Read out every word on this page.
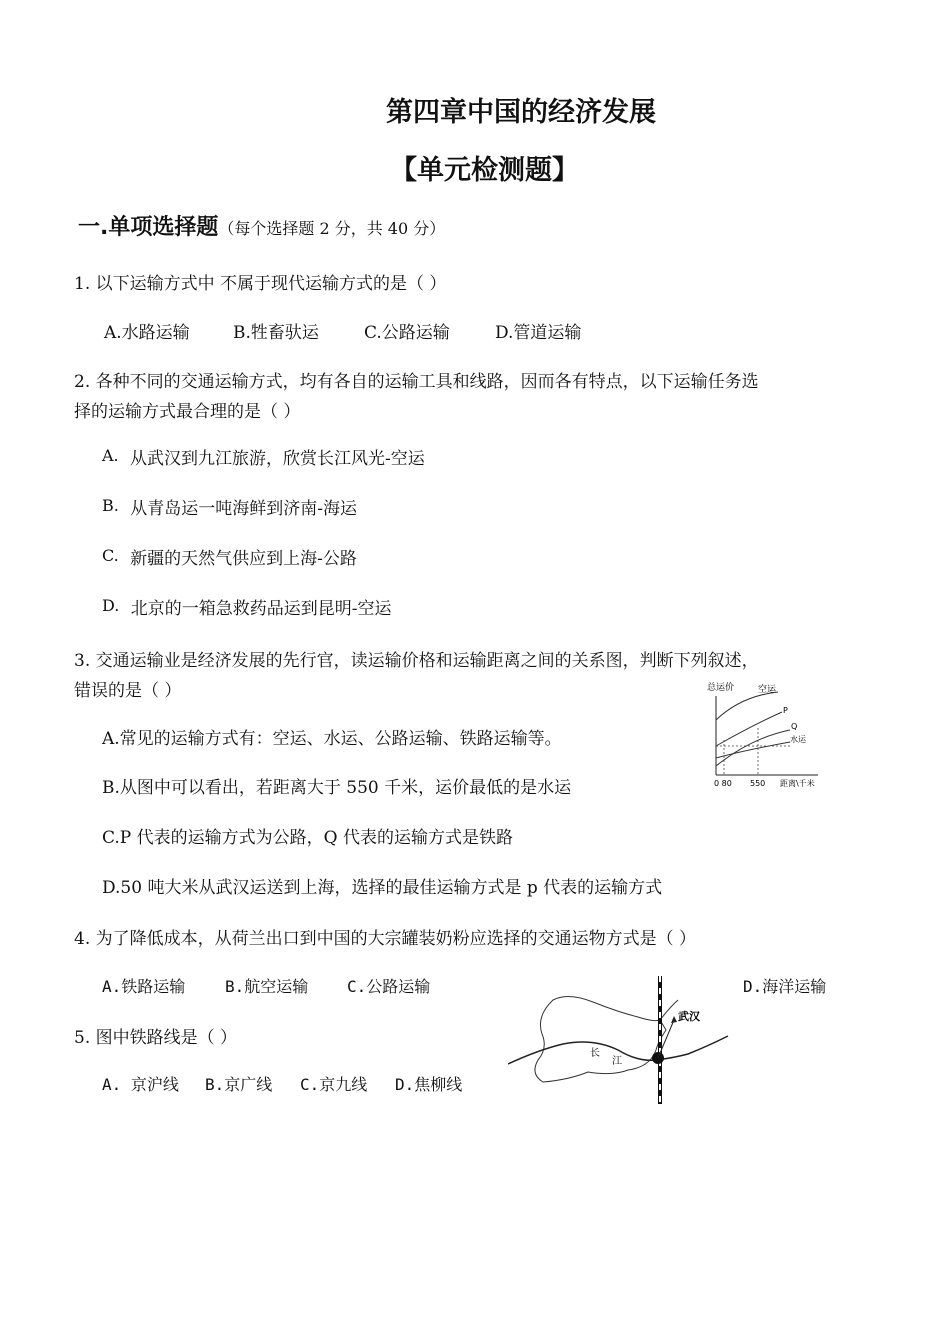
第四章中国的经济发展
【单元检测题】
一.单项选择题（每个选择题 2 分，共 40 分）
1. 以下运输方式中 不属于现代运输方式的是（ ）
A.水路运输	B.牲畜驮运	C.公路运输	D.管道运输
2. 各种不同的交通运输方式，均有各自的运输工具和线路，因而各有特点，以下运输任务选
择的运输方式最合理的是（ ）
A. 从武汉到九江旅游，欣赏长江风光-空运
B. 从青岛运一吨海鲜到济南-海运
C. 新疆的天然气供应到上海-公路
D. 北京的一箱急救药品运到昆明-空运
3. 交通运输业是经济发展的先行官，读运输价格和运输距离之间的关系图，判断下列叙述，
错误的是（ ）
A.常见的运输方式有：空运、水运、公路运输、铁路运输等。
B.从图中可以看出，若距离大于 550 千米，运价最低的是水运
C.P 代表的运输方式为公路，Q 代表的运输方式是铁路
D.50 吨大米从武汉运送到上海，选择的最佳运输方式是 p 代表的运输方式
总运价	空运
P
Q
水运
0 80 550 距离\千米
4. 为了降低成本，从荷兰出口到中国的大宗罐装奶粉应选择的交通运物方式是（ ）
A.铁路运输 B.航空运输 C.公路运输	D.海洋运输
5. 图中铁路线是（ ）
A. 京沪线 B.京广线 C.京九线 D.焦柳线
武汉
长
江
